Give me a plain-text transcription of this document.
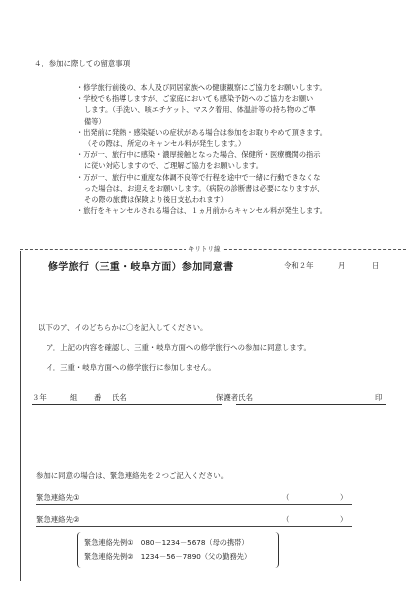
４．参加に際しての留意事項
・修学旅行前後の、本人及び同居家族への健康観察にご協力をお願いします。
・学校でも指導しますが、ご家庭においても感染予防へのご協力をお願い
します。（手洗い、咳エチケット、マスク着用、体温計等の持ち物のご準
備等）
・出発前に発熱・感染疑いの症状がある場合は参加をお取りやめて頂きます。
（その際は、所定のキャンセル料が発生します。）
・万が一、旅行中に感染・濃厚接触となった場合、保健所・医療機関の指示
に従い対応しますので、ご理解ご協力をお願いします。
・万が一、旅行中に重度な体調不良等で行程を途中で一緒に行動できなくな
った場合は、お迎えをお願いします。（病院の診断書は必要になりますが、
その際の旅費は保険より後日支払われます）
・旅行をキャンセルされる場合は、１ヵ月前からキャンセル料が発生します。
キリトリ線
修学旅行（三重・岐阜方面）参加同意書	令和２年	月	日
以下のア、イのどちらかに〇を記入してください。
ア．上記の内容を確認し、三重・岐阜方面への修学旅行への参加に同意します。
イ．三重・岐阜方面への修学旅行に参加しません。
３年	組 番 氏名	保護者氏名	印
参加に同意の場合は、緊急連絡先を２つご記入ください。
緊急連絡先①	（	）
緊急連絡先②	（	）
緊急連絡先例①　080－1234－5678（母の携帯）
緊急連絡先例②　1234－56－7890（父の勤務先）
